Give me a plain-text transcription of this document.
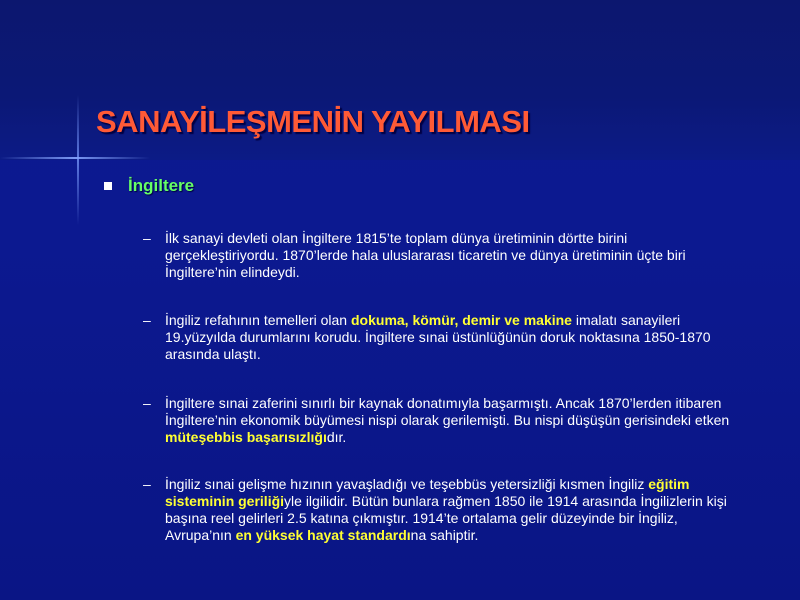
SANAYİLEŞMENİN YAYILMASI
İngiltere
–	İlk sanayi devleti olan İngiltere 1815’te toplam dünya üretiminin dörtte birini gerçekleştiriyordu. 1870’lerde hala uluslararası ticaretin ve dünya üretiminin üçte biri İngiltere’nin elindeydi.
–	İngiliz refahının temelleri olan dokuma, kömür, demir ve makine imalatı sanayileri 19.yüzyılda durumlarını korudu. İngiltere sınai üstünlüğünün doruk noktasına 1850-1870 arasında ulaştı.
–	İngiltere sınai zaferini sınırlı bir kaynak donatımıyla başarmıştı. Ancak 1870’lerden itibaren İngiltere’nin ekonomik büyümesi nispi olarak gerilemişti. Bu nispi düşüşün gerisindeki etken müteşebbis başarısızlığıdır.
–	İngiliz sınai gelişme hızının yavaşladığı ve teşebbüs yetersizliği kısmen İngiliz eğitim sisteminin geriliğiyle ilgilidir. Bütün bunlara rağmen 1850 ile 1914 arasında İngilizlerin kişi başına reel gelirleri 2.5 katına çıkmıştır. 1914’te ortalama gelir düzeyinde bir İngiliz, Avrupa’nın en yüksek hayat standardına sahiptir.
